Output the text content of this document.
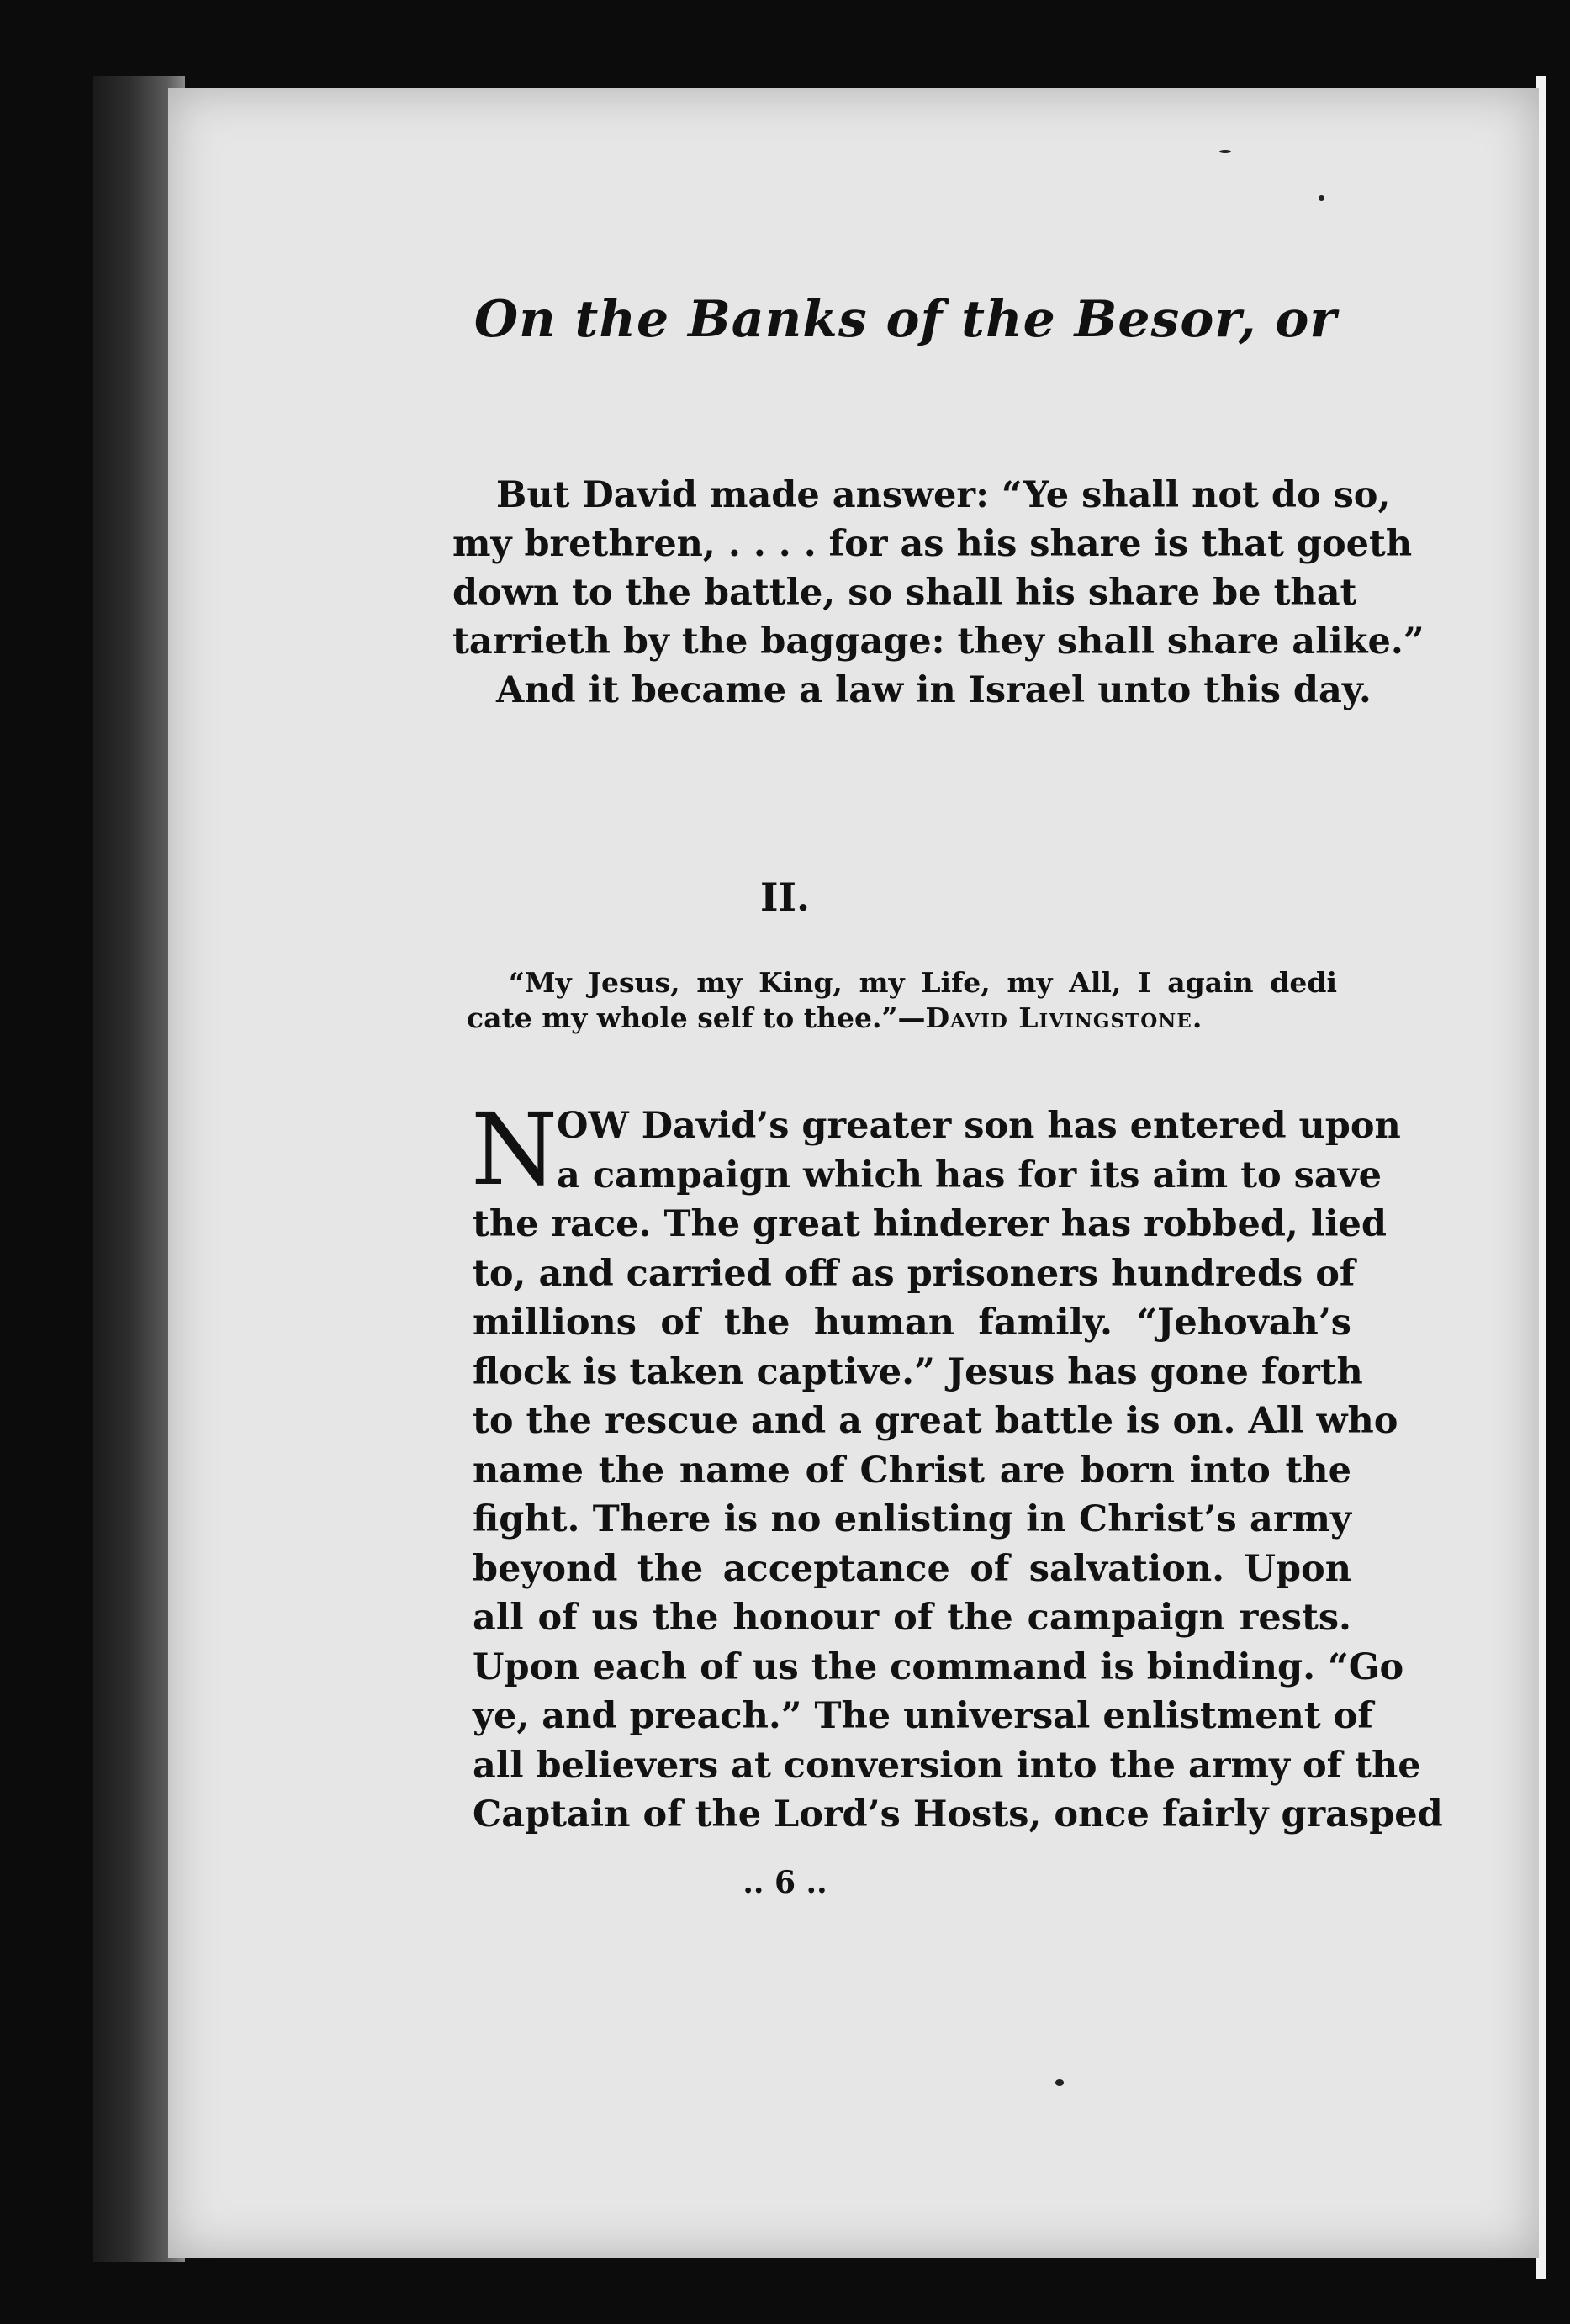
On the Banks of the Besor, or
But David made answer: “Ye shall not do so,
my brethren, . . . . for as his share is that goeth
down to the battle, so shall his share be that
tarrieth by the baggage: they shall share alike.”
And it became a law in Israel unto this day.
II.
“My Jesus, my King, my Life, my All, I again dedi
cate my whole self to thee.”—David Livingstone.
N
OW David’s greater son has entered upon
a campaign which has for its aim to save
the race. The great hinderer has robbed, lied
to, and carried off as prisoners hundreds of
millions of the human family. “Jehovah’s
flock is taken captive.” Jesus has gone forth
to the rescue and a great battle is on. All who
name the name of Christ are born into the
fight. There is no enlisting in Christ’s army
beyond the acceptance of salvation. Upon
all of us the honour of the campaign rests.
Upon each of us the command is binding. “Go
ye, and preach.” The universal enlistment of
all believers at conversion into the army of the
Captain of the Lord’s Hosts, once fairly grasped
.. 6 ..
